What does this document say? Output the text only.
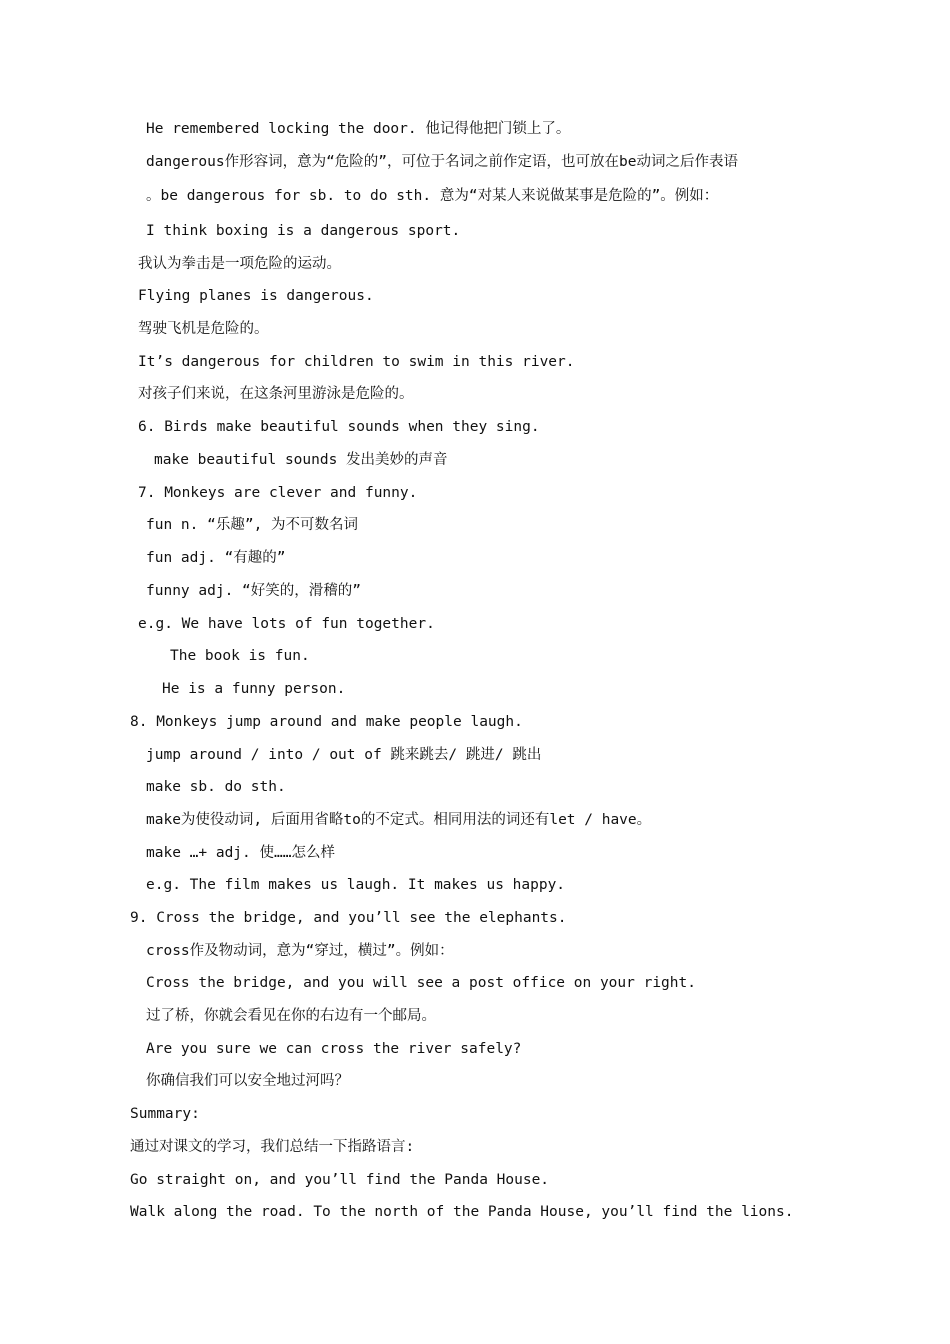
He remembered locking the door. 他记得他把门锁上了。
dangerous作形容词，意为“危险的”，可位于名词之前作定语，也可放在be动词之后作表语
。be dangerous for sb. to do sth. 意为“对某人来说做某事是危险的”。例如：
I think boxing is a dangerous sport.
我认为拳击是一项危险的运动。
Flying planes is dangerous.
驾驶飞机是危险的。
It’s dangerous for children to swim in this river.
对孩子们来说，在这条河里游泳是危险的。
6. Birds make beautiful sounds when they sing.
make beautiful sounds 发出美妙的声音
7. Monkeys are clever and funny.
fun n. “乐趣”, 为不可数名词
fun adj. “有趣的”
funny adj. “好笑的，滑稽的”
e.g. We have lots of fun together.
The book is fun.
He is a funny person.
8. Monkeys jump around and make people laugh.
jump around / into / out of 跳来跳去/ 跳进/ 跳出
make sb. do sth.
make为使役动词, 后面用省略to的不定式。相同用法的词还有let / have。
make …+ adj. 使……怎么样
e.g. The film makes us laugh. It makes us happy.
9. Cross the bridge, and you’ll see the elephants.
cross作及物动词，意为“穿过，横过”。例如：
Cross the bridge, and you will see a post office on your right.
过了桥，你就会看见在你的右边有一个邮局。
Are you sure we can cross the river safely?
你确信我们可以安全地过河吗？
Summary:
通过对课文的学习，我们总结一下指路语言:
Go straight on, and you’ll find the Panda House.
Walk along the road. To the north of the Panda House, you’ll find the lions.
